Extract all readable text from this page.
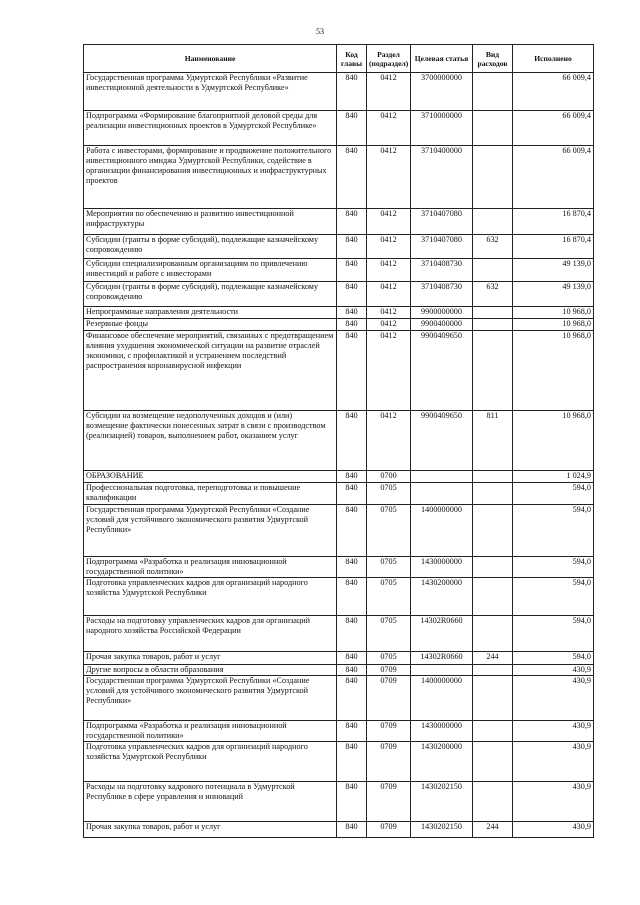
53
Наименование	Код главы	Раздел (подраздел)	Целевая статья	Вид расходов	Исполнено
Государственная программа Удмуртской Республики «Развитие инвестиционной деятельности в Удмуртской Республике»	840	0412	3700000000		66 009,4
Подпрограмма «Формирование благоприятной деловой среды для реализации инвестиционных проектов в Удмуртской Республике»	840	0412	3710000000		66 009,4
Работа с инвесторами, формирование и продвижение положительного инвестиционного имиджа Удмуртской Республики, содействие в организации финансирования инвестиционных и инфраструктурных проектов	840	0412	3710400000		66 009,4
Мероприятия по обеспечению и развитию инвестиционной инфраструктуры	840	0412	3710407080		16 870,4
Субсидии (гранты в форме субсидий), подлежащие казначейскому сопровождению	840	0412	3710407080	632	16 870,4
Субсидии специализированным организациям по привлечению инвестиций и работе с инвесторами	840	0412	3710408730		49 139,0
Субсидии (гранты в форме субсидий), подлежащие казначейскому сопровождению	840	0412	3710408730	632	49 139,0
Непрограммные направления деятельности	840	0412	9900000000		10 968,0
Резервные фонды	840	0412	9900400000		10 968,0
Финансовое обеспечение мероприятий, связанных с предотвращением влияния ухудшения экономической ситуации на развитие отраслей экономики, с профилактикой и устранением последствий распространения коронавирусной инфекции	840	0412	9900409650		10 968,0
Субсидии на возмещение недополученных доходов и (или) возмещение фактически понесенных затрат в связи с производством (реализацией) товаров, выполнением работ, оказанием услуг	840	0412	9900409650	811	10 968,0
ОБРАЗОВАНИЕ	840	0700			1 024,9
Профессиональная подготовка, переподготовка и повышение квалификации	840	0705			594,0
Государственная программа Удмуртской Республики «Создание условий для устойчивого экономического развития Удмуртской Республики»	840	0705	1400000000		594,0
Подпрограмма «Разработка и реализация инновационной государственной политики»	840	0705	1430000000		594,0
Подготовка управленческих кадров для организаций народного хозяйства Удмуртской Республики	840	0705	1430200000		594,0
Расходы на подготовку управленческих кадров для организаций народного хозяйства Российской Федерации	840	0705	14302R0660		594,0
Прочая закупка товаров, работ и услуг	840	0705	14302R0660	244	594,0
Другие вопросы в области образования	840	0709			430,9
Государственная программа Удмуртской Республики «Создание условий для устойчивого экономического развития Удмуртской Республики»	840	0709	1400000000		430,9
Подпрограмма «Разработка и реализация инновационной государственной политики»	840	0709	1430000000		430,9
Подготовка управленческих кадров для организаций народного хозяйства Удмуртской Республики	840	0709	1430200000		430,9
Расходы на подготовку кадрового потенциала в Удмуртской Республике в сфере управления и инноваций	840	0709	1430202150		430,9
Прочая закупка товаров, работ и услуг	840	0709	1430202150	244	430,9
